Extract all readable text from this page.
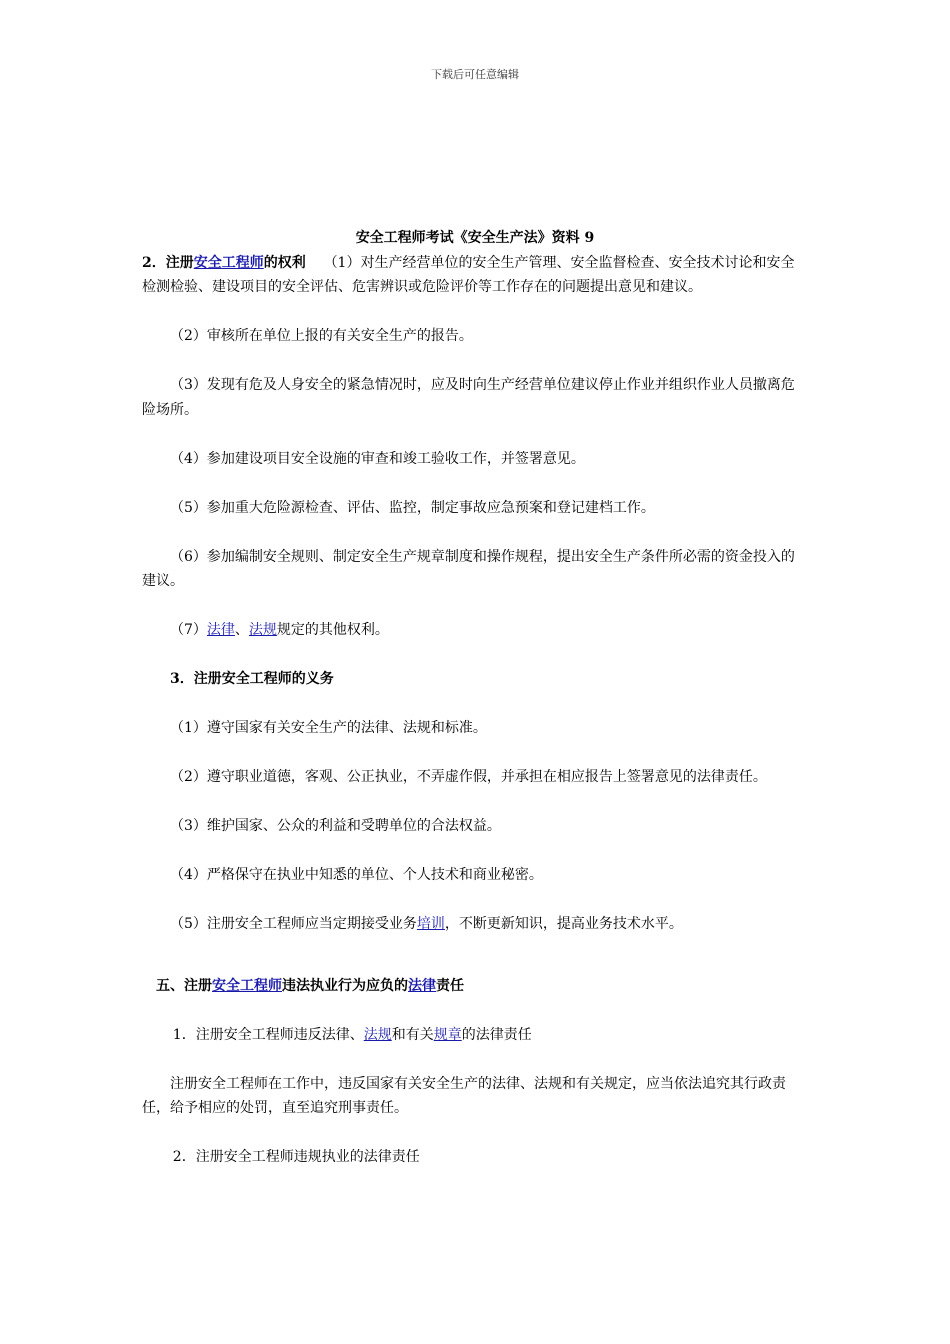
下载后可任意编辑

安全工程师考试《安全生产法》资料 9

2．注册安全工程师的权利 （1）对生产经营单位的安全生产管理、安全监督检查、安全技术讨论和安全检测检验、建设项目的安全评估、危害辨识或危险评价等工作存在的问题提出意见和建议。

（2）审核所在单位上报的有关安全生产的报告。

（3）发现有危及人身安全的紧急情况时，应及时向生产经营单位建议停止作业并组织作业人员撤离危险场所。

（4）参加建设项目安全设施的审查和竣工验收工作，并签署意见。

（5）参加重大危险源检查、评估、监控，制定事故应急预案和登记建档工作。

（6）参加编制安全规则、制定安全生产规章制度和操作规程，提出安全生产条件所必需的资金投入的建议。

（7）法律、法规规定的其他权利。

3．注册安全工程师的义务

（1）遵守国家有关安全生产的法律、法规和标准。

（2）遵守职业道德，客观、公正执业，不弄虚作假，并承担在相应报告上签署意见的法律责任。

（3）维护国家、公众的利益和受聘单位的合法权益。

（4）严格保守在执业中知悉的单位、个人技术和商业秘密。

（5）注册安全工程师应当定期接受业务培训，不断更新知识，提高业务技术水平。

五、注册安全工程师违法执业行为应负的法律责任

1．注册安全工程师违反法律、法规和有关规章的法律责任

注册安全工程师在工作中，违反国家有关安全生产的法律、法规和有关规定，应当依法追究其行政责任，给予相应的处罚，直至追究刑事责任。

2．注册安全工程师违规执业的法律责任
